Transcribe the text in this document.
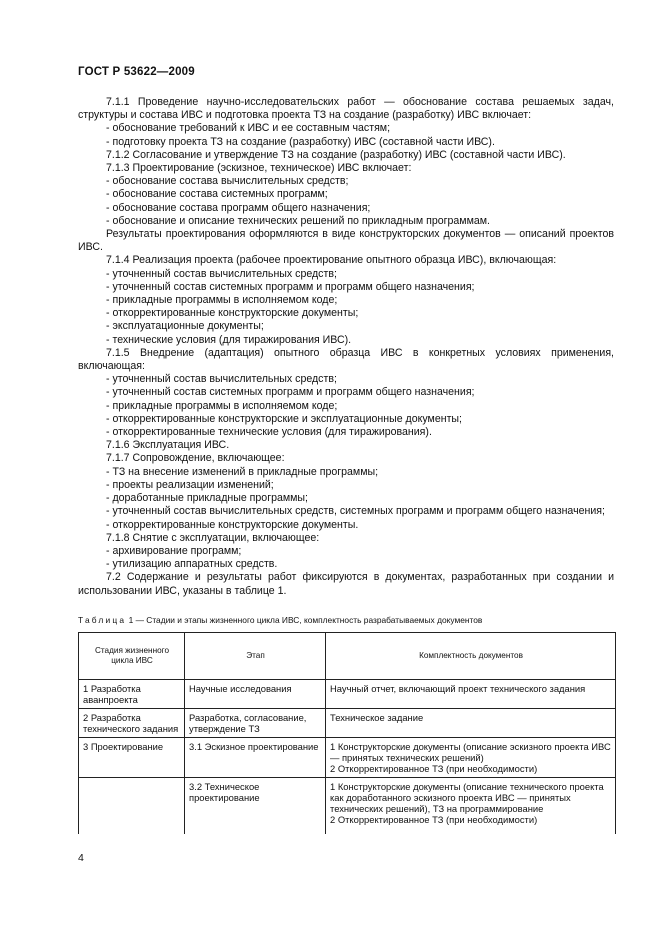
ГОСТ Р 53622—2009
7.1.1 Проведение научно-исследовательских работ — обоснование состава решаемых задач, структуры и состава ИВС и подготовка проекта ТЗ на создание (разработку) ИВС включает:
- обоснование требований к ИВС и ее составным частям;
- подготовку проекта ТЗ на создание (разработку) ИВС (составной части ИВС).
7.1.2 Согласование и утверждение ТЗ на создание (разработку) ИВС (составной части ИВС).
7.1.3 Проектирование (эскизное, техническое) ИВС включает:
- обоснование состава вычислительных средств;
- обоснование состава системных программ;
- обоснование состава программ общего назначения;
- обоснование и описание технических решений по прикладным программам.
Результаты проектирования оформляются в виде конструкторских документов — описаний проектов ИВС.
7.1.4 Реализация проекта (рабочее проектирование опытного образца ИВС), включающая:
- уточненный состав вычислительных средств;
- уточненный состав системных программ и программ общего назначения;
- прикладные программы в исполняемом коде;
- откорректированные конструкторские документы;
- эксплуатационные документы;
- технические условия (для тиражирования ИВС).
7.1.5 Внедрение (адаптация) опытного образца ИВС в конкретных условиях применения, включающая:
- уточненный состав вычислительных средств;
- уточненный состав системных программ и программ общего назначения;
- прикладные программы в исполняемом коде;
- откорректированные конструкторские и эксплуатационные документы;
- откорректированные технические условия (для тиражирования).
7.1.6 Эксплуатация ИВС.
7.1.7 Сопровождение, включающее:
- ТЗ на внесение изменений в прикладные программы;
- проекты реализации изменений;
- доработанные прикладные программы;
- уточненный состав вычислительных средств, системных программ и программ общего назначения;
- откорректированные конструкторские документы.
7.1.8 Снятие с эксплуатации, включающее:
- архивирование программ;
- утилизацию аппаратных средств.
7.2 Содержание и результаты работ фиксируются в документах, разработанных при создании и использовании ИВС, указаны в таблице 1.
Таблица 1 — Стадии и этапы жизненного цикла ИВС, комплектность разрабатываемых документов
Стадия жизненного цикла ИВС	Этап	Комплектность документов
1 Разработка аванпроекта	Научные исследования	Научный отчет, включающий проект технического задания
2 Разработка технического задания	Разработка, согласование, утверждение ТЗ	Техническое задание
3 Проектирование	3.1 Эскизное проектирование	1 Конструкторские документы (описание эскизного проекта ИВС — принятых технических решений)
2 Откорректированное ТЗ (при необходимости)
	3.2 Техническое проектирование	1 Конструкторские документы (описание технического проекта как доработанного эскизного проекта ИВС — принятых технических решений), ТЗ на программирование
2 Откорректированное ТЗ (при необходимости)
4
